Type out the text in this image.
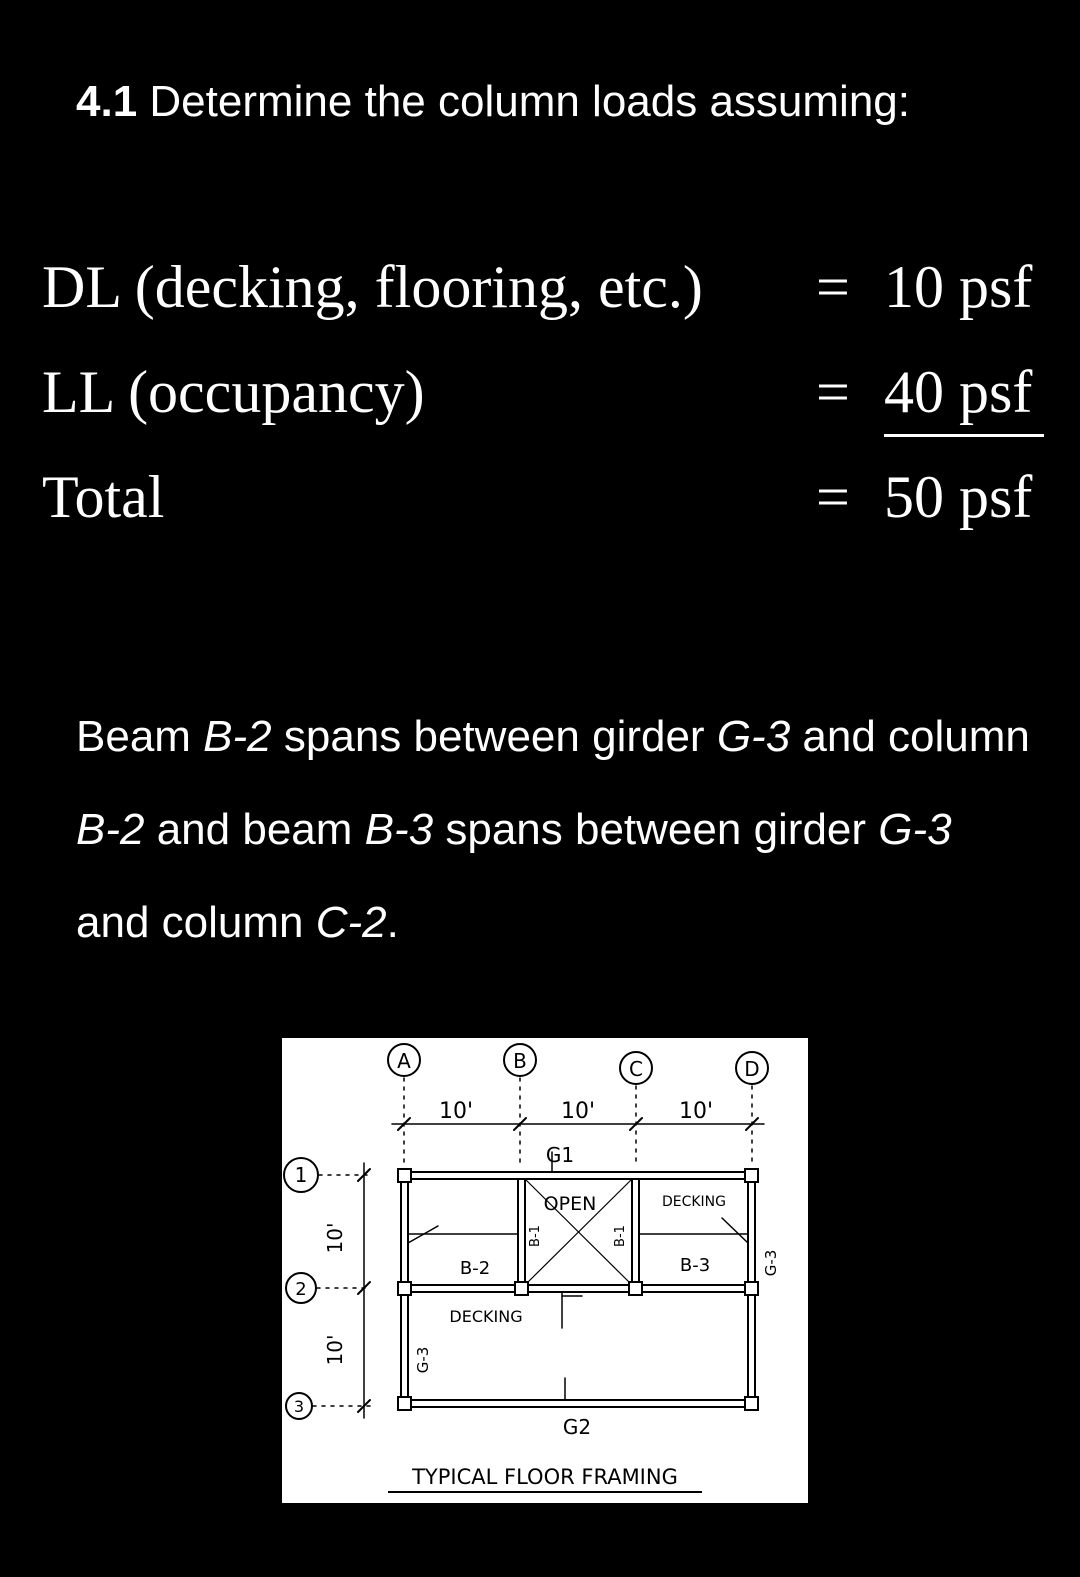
4.1 Determine the column loads assuming:
DL (decking, flooring, etc.) = 10 psf
LL (occupancy)	= 40 psf
Total	= 50 psf

Beam B-2 spans between girder G-3 and column B-2 and beam B-3 spans between girder G-3 and column C-2.

A	B	C	D
1
2
3
10'	10'	10'
10'
10'
G1
G2
G-3
G-3
B-2	B-3
B-1	B-1
OPEN	DECKING
DECKING
TYPICAL FLOOR FRAMING
